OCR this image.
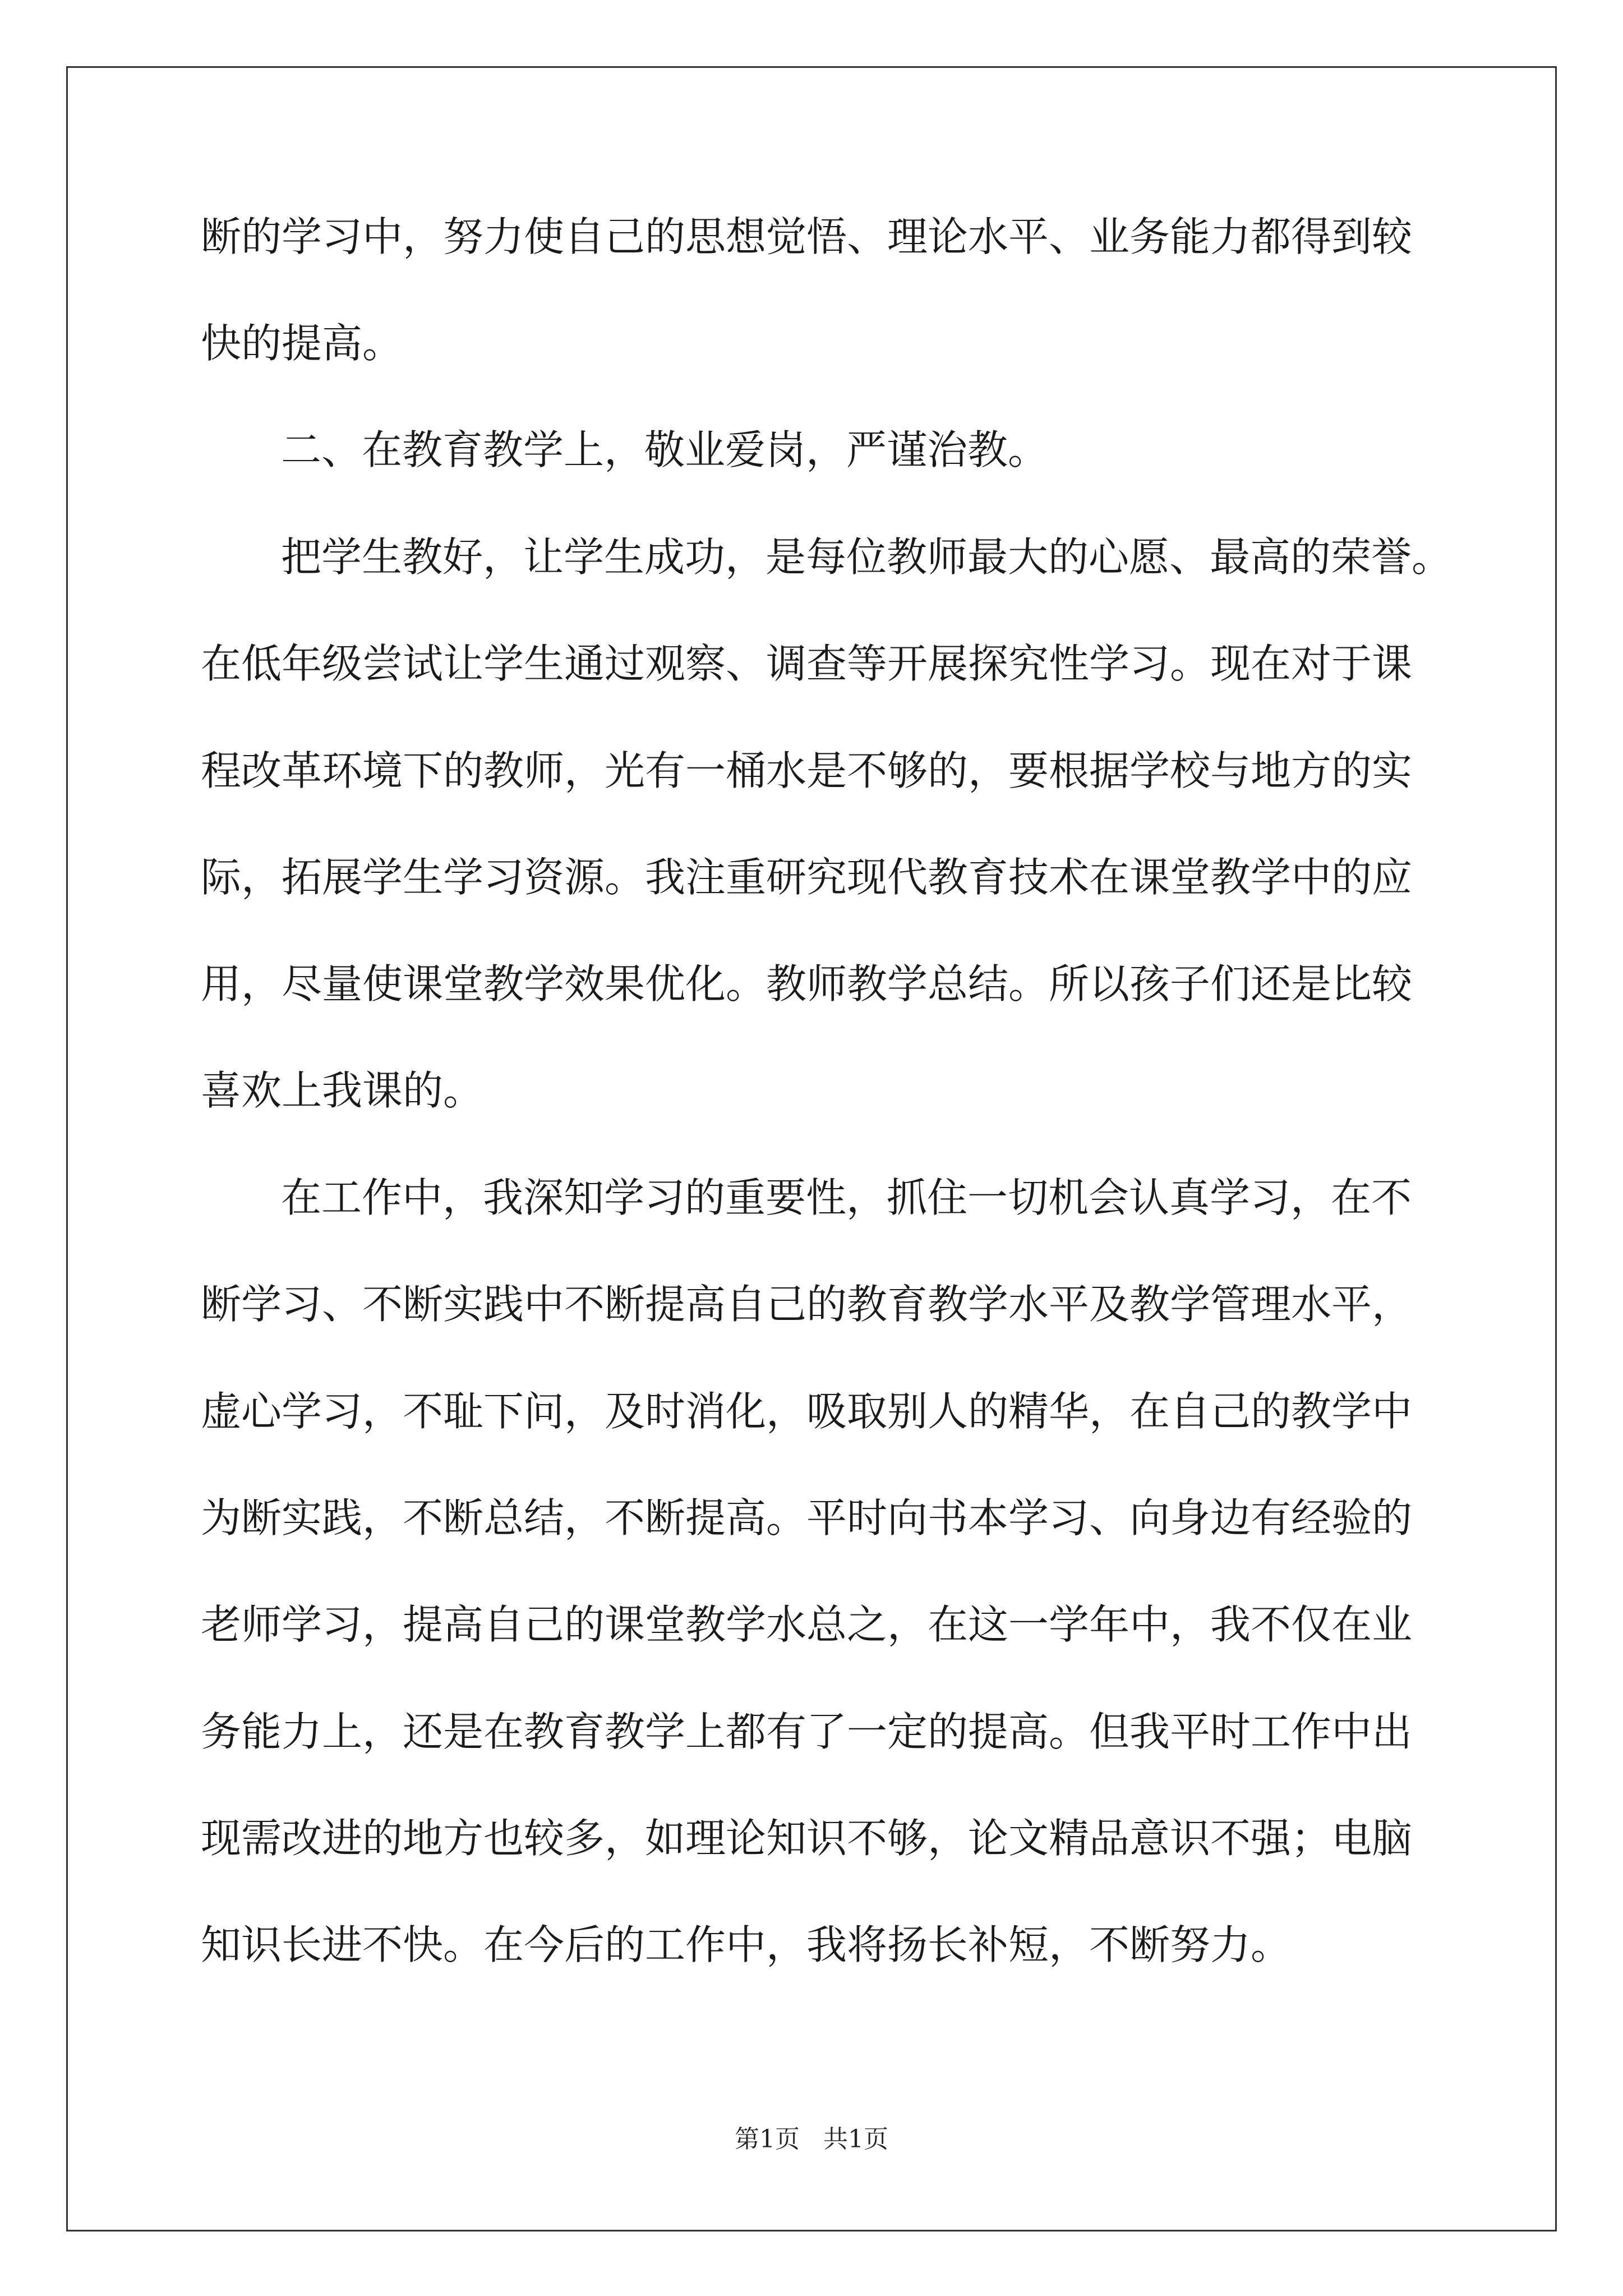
断的学习中，努力使自己的思想觉悟、理论水平、业务能力都得到较
快的提高。
二、在教育教学上，敬业爱岗，严谨治教。
把学生教好，让学生成功，是每位教师最大的心愿、最高的荣誉。
在低年级尝试让学生通过观察、调查等开展探究性学习。现在对于课
程改革环境下的教师，光有一桶水是不够的，要根据学校与地方的实
际，拓展学生学习资源。我注重研究现代教育技术在课堂教学中的应
用，尽量使课堂教学效果优化。教师教学总结。所以孩子们还是比较
喜欢上我课的。
在工作中，我深知学习的重要性，抓住一切机会认真学习，在不
断学习、不断实践中不断提高自己的教育教学水平及教学管理水平，
虚心学习，不耻下问，及时消化，吸取别人的精华，在自己的教学中
为断实践，不断总结，不断提高。平时向书本学习、向身边有经验的
老师学习，提高自己的课堂教学水总之，在这一学年中，我不仅在业
务能力上，还是在教育教学上都有了一定的提高。但我平时工作中出
现需改进的地方也较多，如理论知识不够，论文精品意识不强；电脑
知识长进不快。在今后的工作中，我将扬长补短，不断努力。
第1页   共1页
